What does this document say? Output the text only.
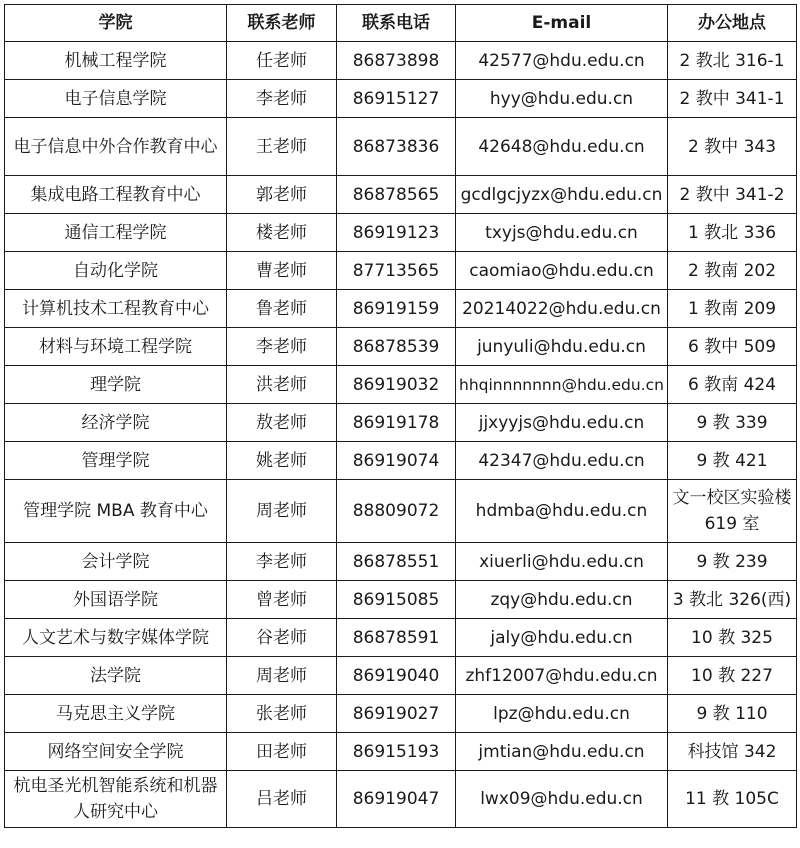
学院	联系老师	联系电话	E-mail	办公地点
机械工程学院	任老师	86873898	42577@hdu.edu.cn	2 教北 316-1
电子信息学院	李老师	86915127	hyy@hdu.edu.cn	2 教中 341-1
电子信息中外合作教育中心	王老师	86873836	42648@hdu.edu.cn	2 教中 343
集成电路工程教育中心	郭老师	86878565	gcdlgcjyzx@hdu.edu.cn	2 教中 341-2
通信工程学院	楼老师	86919123	txyjs@hdu.edu.cn	1 教北 336
自动化学院	曹老师	87713565	caomiao@hdu.edu.cn	2 教南 202
计算机技术工程教育中心	鲁老师	86919159	20214022@hdu.edu.cn	1 教南 209
材料与环境工程学院	李老师	86878539	junyuli@hdu.edu.cn	6 教中 509
理学院	洪老师	86919032	hhqinnnnnnn@hdu.edu.cn	6 教南 424
经济学院	敖老师	86919178	jjxyyjs@hdu.edu.cn	9 教 339
管理学院	姚老师	86919074	42347@hdu.edu.cn	9 教 421
管理学院 MBA 教育中心	周老师	88809072	hdmba@hdu.edu.cn	文一校区实验楼 619 室
会计学院	李老师	86878551	xiuerli@hdu.edu.cn	9 教 239
外国语学院	曾老师	86915085	zqy@hdu.edu.cn	3 教北 326(西)
人文艺术与数字媒体学院	谷老师	86878591	jaly@hdu.edu.cn	10 教 325
法学院	周老师	86919040	zhf12007@hdu.edu.cn	10 教 227
马克思主义学院	张老师	86919027	lpz@hdu.edu.cn	9 教 110
网络空间安全学院	田老师	86915193	jmtian@hdu.edu.cn	科技馆 342
杭电圣光机智能系统和机器人研究中心	吕老师	86919047	lwx09@hdu.edu.cn	11 教 105C
